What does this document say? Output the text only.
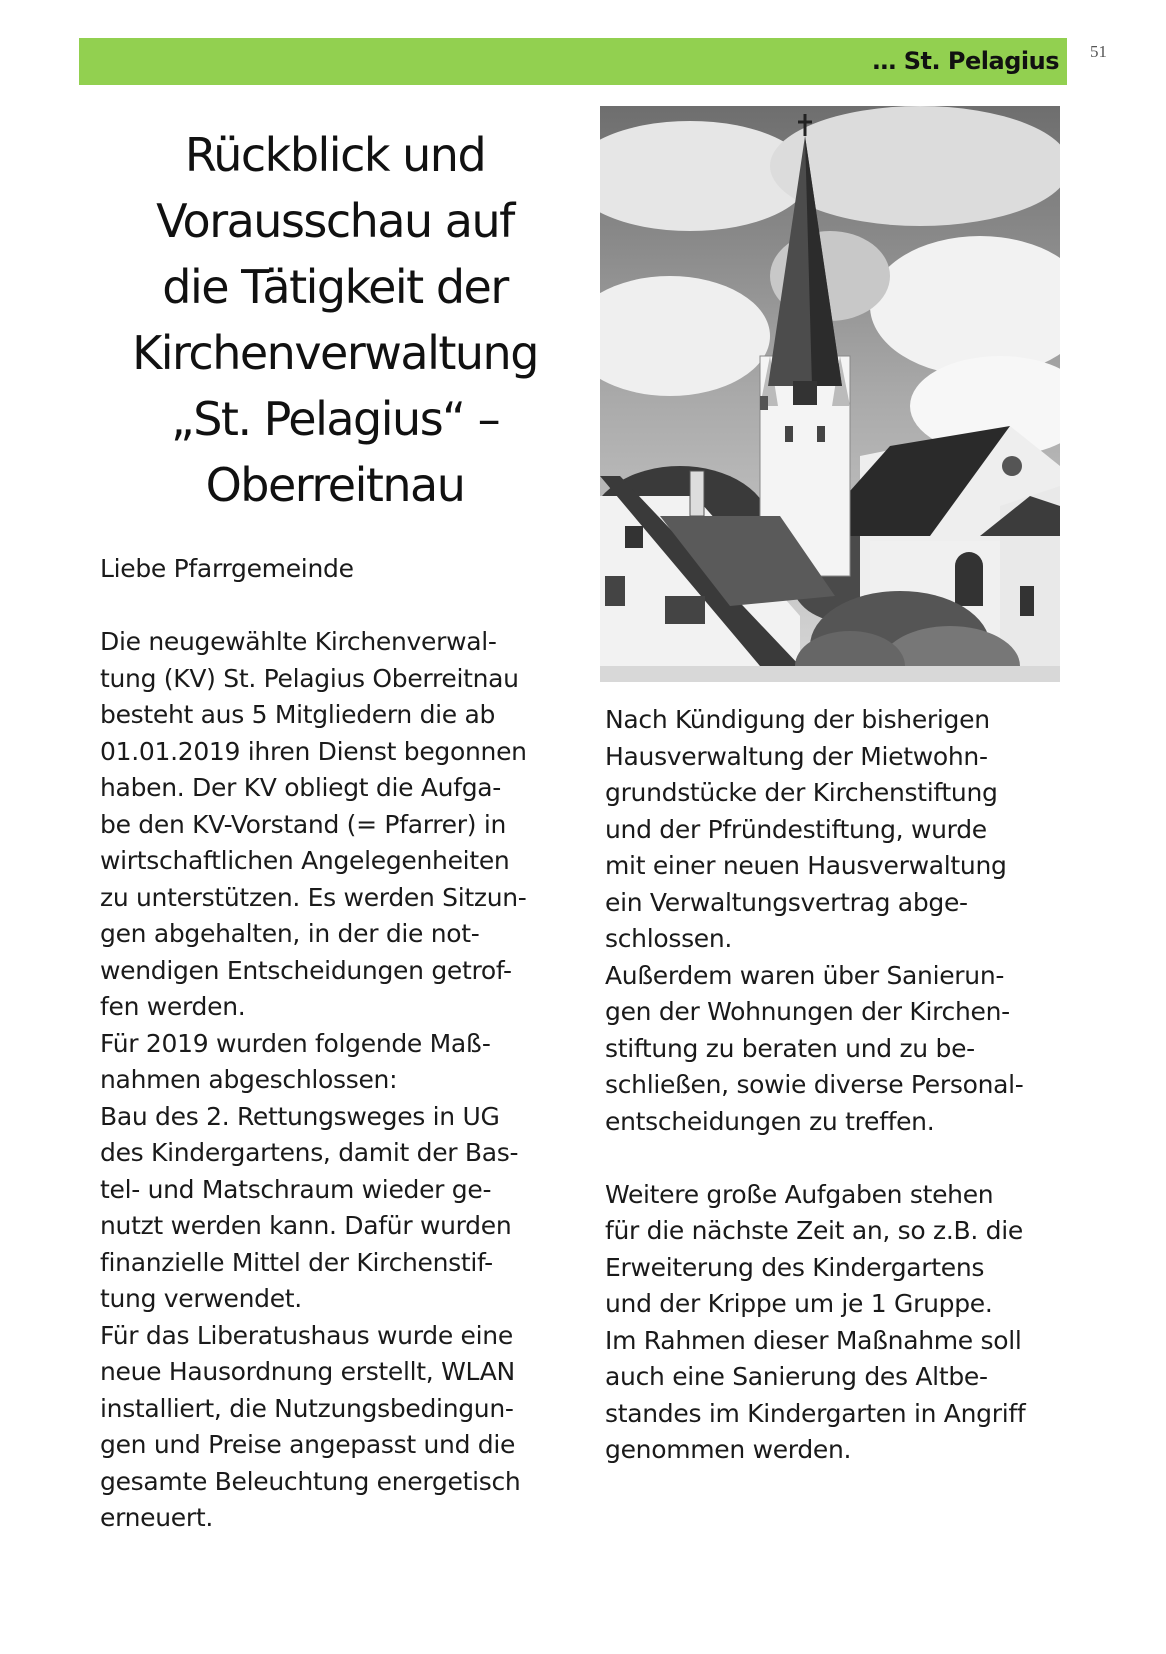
… St. Pelagius 51
Rückblick und
Vorausschau auf
die Tätigkeit der
Kirchenverwaltung
„St. Pelagius“ –
Oberreitnau
Liebe Pfarrgemeinde
Die neugewählte Kirchenverwal-
tung (KV) St. Pelagius Oberreitnau
besteht aus 5 Mitgliedern die ab
01.01.2019 ihren Dienst begonnen
haben. Der KV obliegt die Aufga-
be den KV-Vorstand (= Pfarrer) in
wirtschaftlichen Angelegenheiten
zu unterstützen. Es werden Sitzun-
gen abgehalten, in der die not-
wendigen Entscheidungen getrof-
fen werden.
Für 2019 wurden folgende Maß-
nahmen abgeschlossen:
Bau des 2. Rettungsweges in UG
des Kindergartens, damit der Bas-
tel- und Matschraum wieder ge-
nutzt werden kann. Dafür wurden
finanzielle Mittel der Kirchenstif-
tung verwendet.
Für das Liberatushaus wurde eine
neue Hausordnung erstellt, WLAN
installiert, die Nutzungsbedingun-
gen und Preise angepasst und die
gesamte Beleuchtung energetisch
erneuert.
Nach Kündigung der bisherigen
Hausverwaltung der Mietwohn-
grundstücke der Kirchenstiftung
und der Pfründestiftung, wurde
mit einer neuen Hausverwaltung
ein Verwaltungsvertrag abge-
schlossen.
Außerdem waren über Sanierun-
gen der Wohnungen der Kirchen-
stiftung zu beraten und zu be-
schließen, sowie diverse Personal-
entscheidungen zu treffen.
Weitere große Aufgaben stehen
für die nächste Zeit an, so z.B. die
Erweiterung des Kindergartens
und der Krippe um je 1 Gruppe.
Im Rahmen dieser Maßnahme soll
auch eine Sanierung des Altbe-
standes im Kindergarten in Angriff
genommen werden.
